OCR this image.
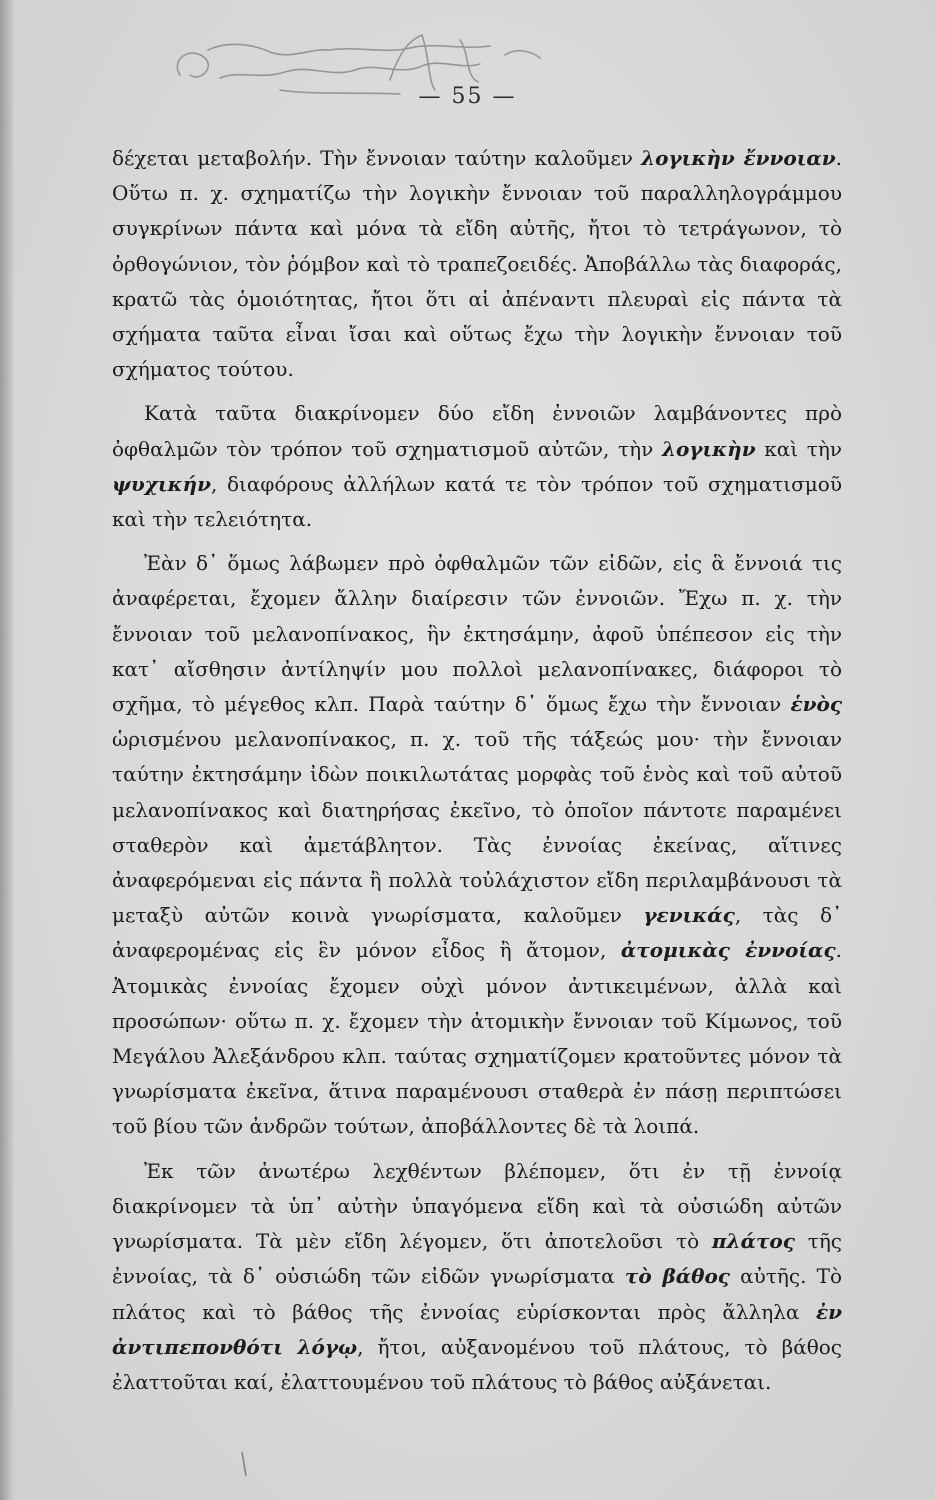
— 55 —

δέχεται μεταβολήν. Τὴν ἔννοιαν ταύτην καλοῦμεν λογικὴν ἔννοιαν. Οὕτω π. χ. σχηματίζω τὴν λογικὴν ἔννοιαν τοῦ παραλληλογράμμου συγκρίνων πάντα καὶ μόνα τὰ εἴδη αὐτῆς, ἤτοι τὸ τετράγωνον, τὸ ὀρθογώνιον, τὸν ῥόμβον καὶ τὸ τραπεζοειδές. Ἀποβάλλω τὰς διαφοράς, κρατῶ τὰς ὁμοιότητας, ἤτοι ὅτι αἱ ἀπέναντι πλευραὶ εἰς πάντα τὰ σχήματα ταῦτα εἶναι ἴσαι καὶ οὕτως ἔχω τὴν λογικὴν ἔννοιαν τοῦ σχήματος τούτου.

Κατὰ ταῦτα διακρίνομεν δύο εἴδη ἐννοιῶν λαμβάνοντες πρὸ ὀφθαλμῶν τὸν τρόπον τοῦ σχηματισμοῦ αὐτῶν, τὴν λογικὴν καὶ τὴν ψυχικήν, διαφόρους ἀλλήλων κατά τε τὸν τρόπον τοῦ σχηματισμοῦ καὶ τὴν τελειότητα.

Ἐὰν δ᾽ ὅμως λάβωμεν πρὸ ὀφθαλμῶν τῶν εἰδῶν, εἰς ἃ ἔννοιά τις ἀναφέρεται, ἔχομεν ἄλλην διαίρεσιν τῶν ἐννοιῶν. Ἔχω π. χ. τὴν ἔννοιαν τοῦ μελανοπίνακος, ἣν ἐκτησάμην, ἀφοῦ ὑπέπεσον εἰς τὴν κατ᾽ αἴσθησιν ἀντίληψίν μου πολλοὶ μελανοπίνακες, διάφοροι τὸ σχῆμα, τὸ μέγεθος κλπ. Παρὰ ταύτην δ᾽ ὅμως ἔχω τὴν ἔννοιαν ἑνὸς ὡρισμένου μελανοπίνακος, π. χ. τοῦ τῆς τάξεώς μου· τὴν ἔννοιαν ταύτην ἐκτησάμην ἰδὼν ποικιλωτάτας μορφὰς τοῦ ἑνὸς καὶ τοῦ αὐτοῦ μελανοπίνακος καὶ διατηρήσας ἐκεῖνο, τὸ ὁποῖον πάντοτε παραμένει σταθερὸν καὶ ἀμετάβλητον. Τὰς ἐννοίας ἐκείνας, αἵτινες ἀναφερόμεναι εἰς πάντα ἢ πολλὰ τοὐλάχιστον εἴδη περιλαμβάνουσι τὰ μεταξὺ αὐτῶν κοινὰ γνωρίσματα, καλοῦμεν γενικάς, τὰς δ᾽ ἀναφερομένας εἰς ἓν μόνον εἶδος ἢ ἄτομον, ἀτομικὰς ἐννοίας. Ἀτομικὰς ἐννοίας ἔχομεν οὐχὶ μόνον ἀντικειμένων, ἀλλὰ καὶ προσώπων· οὕτω π. χ. ἔχομεν τὴν ἀτομικὴν ἔννοιαν τοῦ Κίμωνος, τοῦ Μεγάλου Ἀλεξάνδρου κλπ. ταύτας σχηματίζομεν κρατοῦντες μόνον τὰ γνωρίσματα ἐκεῖνα, ἅτινα παραμένουσι σταθερὰ ἐν πάσῃ περιπτώσει τοῦ βίου τῶν ἀνδρῶν τούτων, ἀποβάλλοντες δὲ τὰ λοιπά.

Ἐκ τῶν ἀνωτέρω λεχθέντων βλέπομεν, ὅτι ἐν τῇ ἐννοίᾳ διακρίνομεν τὰ ὑπ᾽ αὐτὴν ὑπαγόμενα εἴδη καὶ τὰ οὐσιώδη αὐτῶν γνωρίσματα. Τὰ μὲν εἴδη λέγομεν, ὅτι ἀποτελοῦσι τὸ πλάτος τῆς ἐννοίας, τὰ δ᾽ οὐσιώδη τῶν εἰδῶν γνωρίσματα τὸ βάθος αὐτῆς. Τὸ πλάτος καὶ τὸ βάθος τῆς ἐννοίας εὑρίσκονται πρὸς ἄλληλα ἐν ἀντιπεπονθότι λόγῳ, ἤτοι, αὐξανομένου τοῦ πλάτους, τὸ βάθος ἐλαττοῦται καί, ἐλαττουμένου τοῦ πλάτους τὸ βάθος αὐξάνεται.
